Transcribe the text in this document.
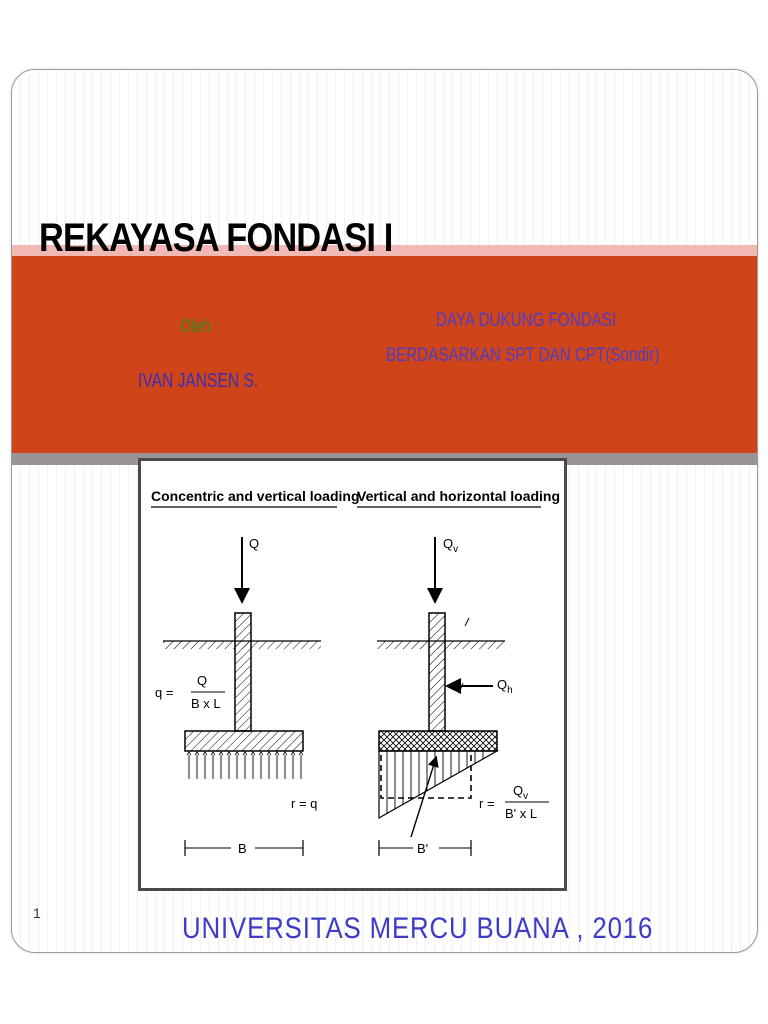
REKAYASA FONDASI I
Oleh :
IVAN JANSEN S.
DAYA DUKUNG FONDASI
BERDASARKAN SPT DAN CPT(Sondir)
Concentric and vertical loading
Vertical and horizontal loading
Q
q =
Q
B x L
r = q
B
$Q_v$
$Q_h$
r =
$Q_v$
B' x L
B'
1	UNIVERSITAS MERCU BUANA , 2016
